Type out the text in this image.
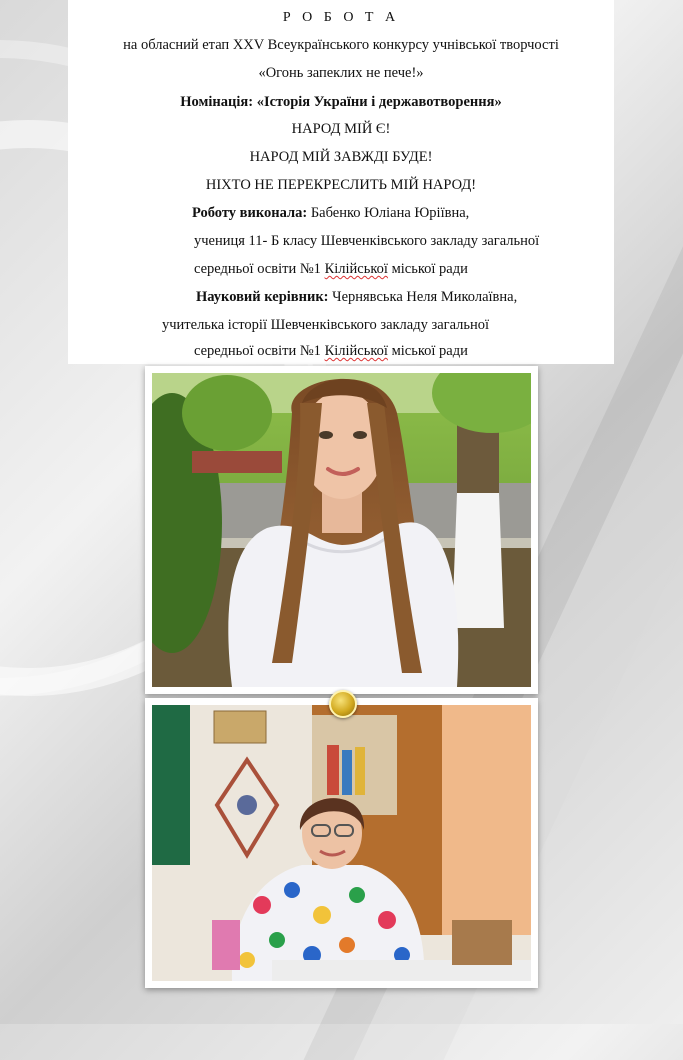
Р О Б О Т А
на обласний етап XXV Всеукраїнського конкурсу учнівської творчості
«Огонь запеклих не пече!»
Номінація: «Історія України і державотворення»
НАРОД МІЙ Є!
НАРОД МІЙ ЗАВЖДІ БУДЕ!
НІХТО НЕ ПЕРЕКРЕСЛИТЬ МІЙ НАРОД!
Роботу виконала: Бабенко Юліана Юріївна,
учениця 11- Б класу Шевченківського закладу загальної
середньої освіти №1 Кілійської міської ради
Науковий керівник: Чернявська Неля Миколаївна,
учителька історії Шевченківського закладу загальної
середньої освіти №1 Кілійської міської ради
